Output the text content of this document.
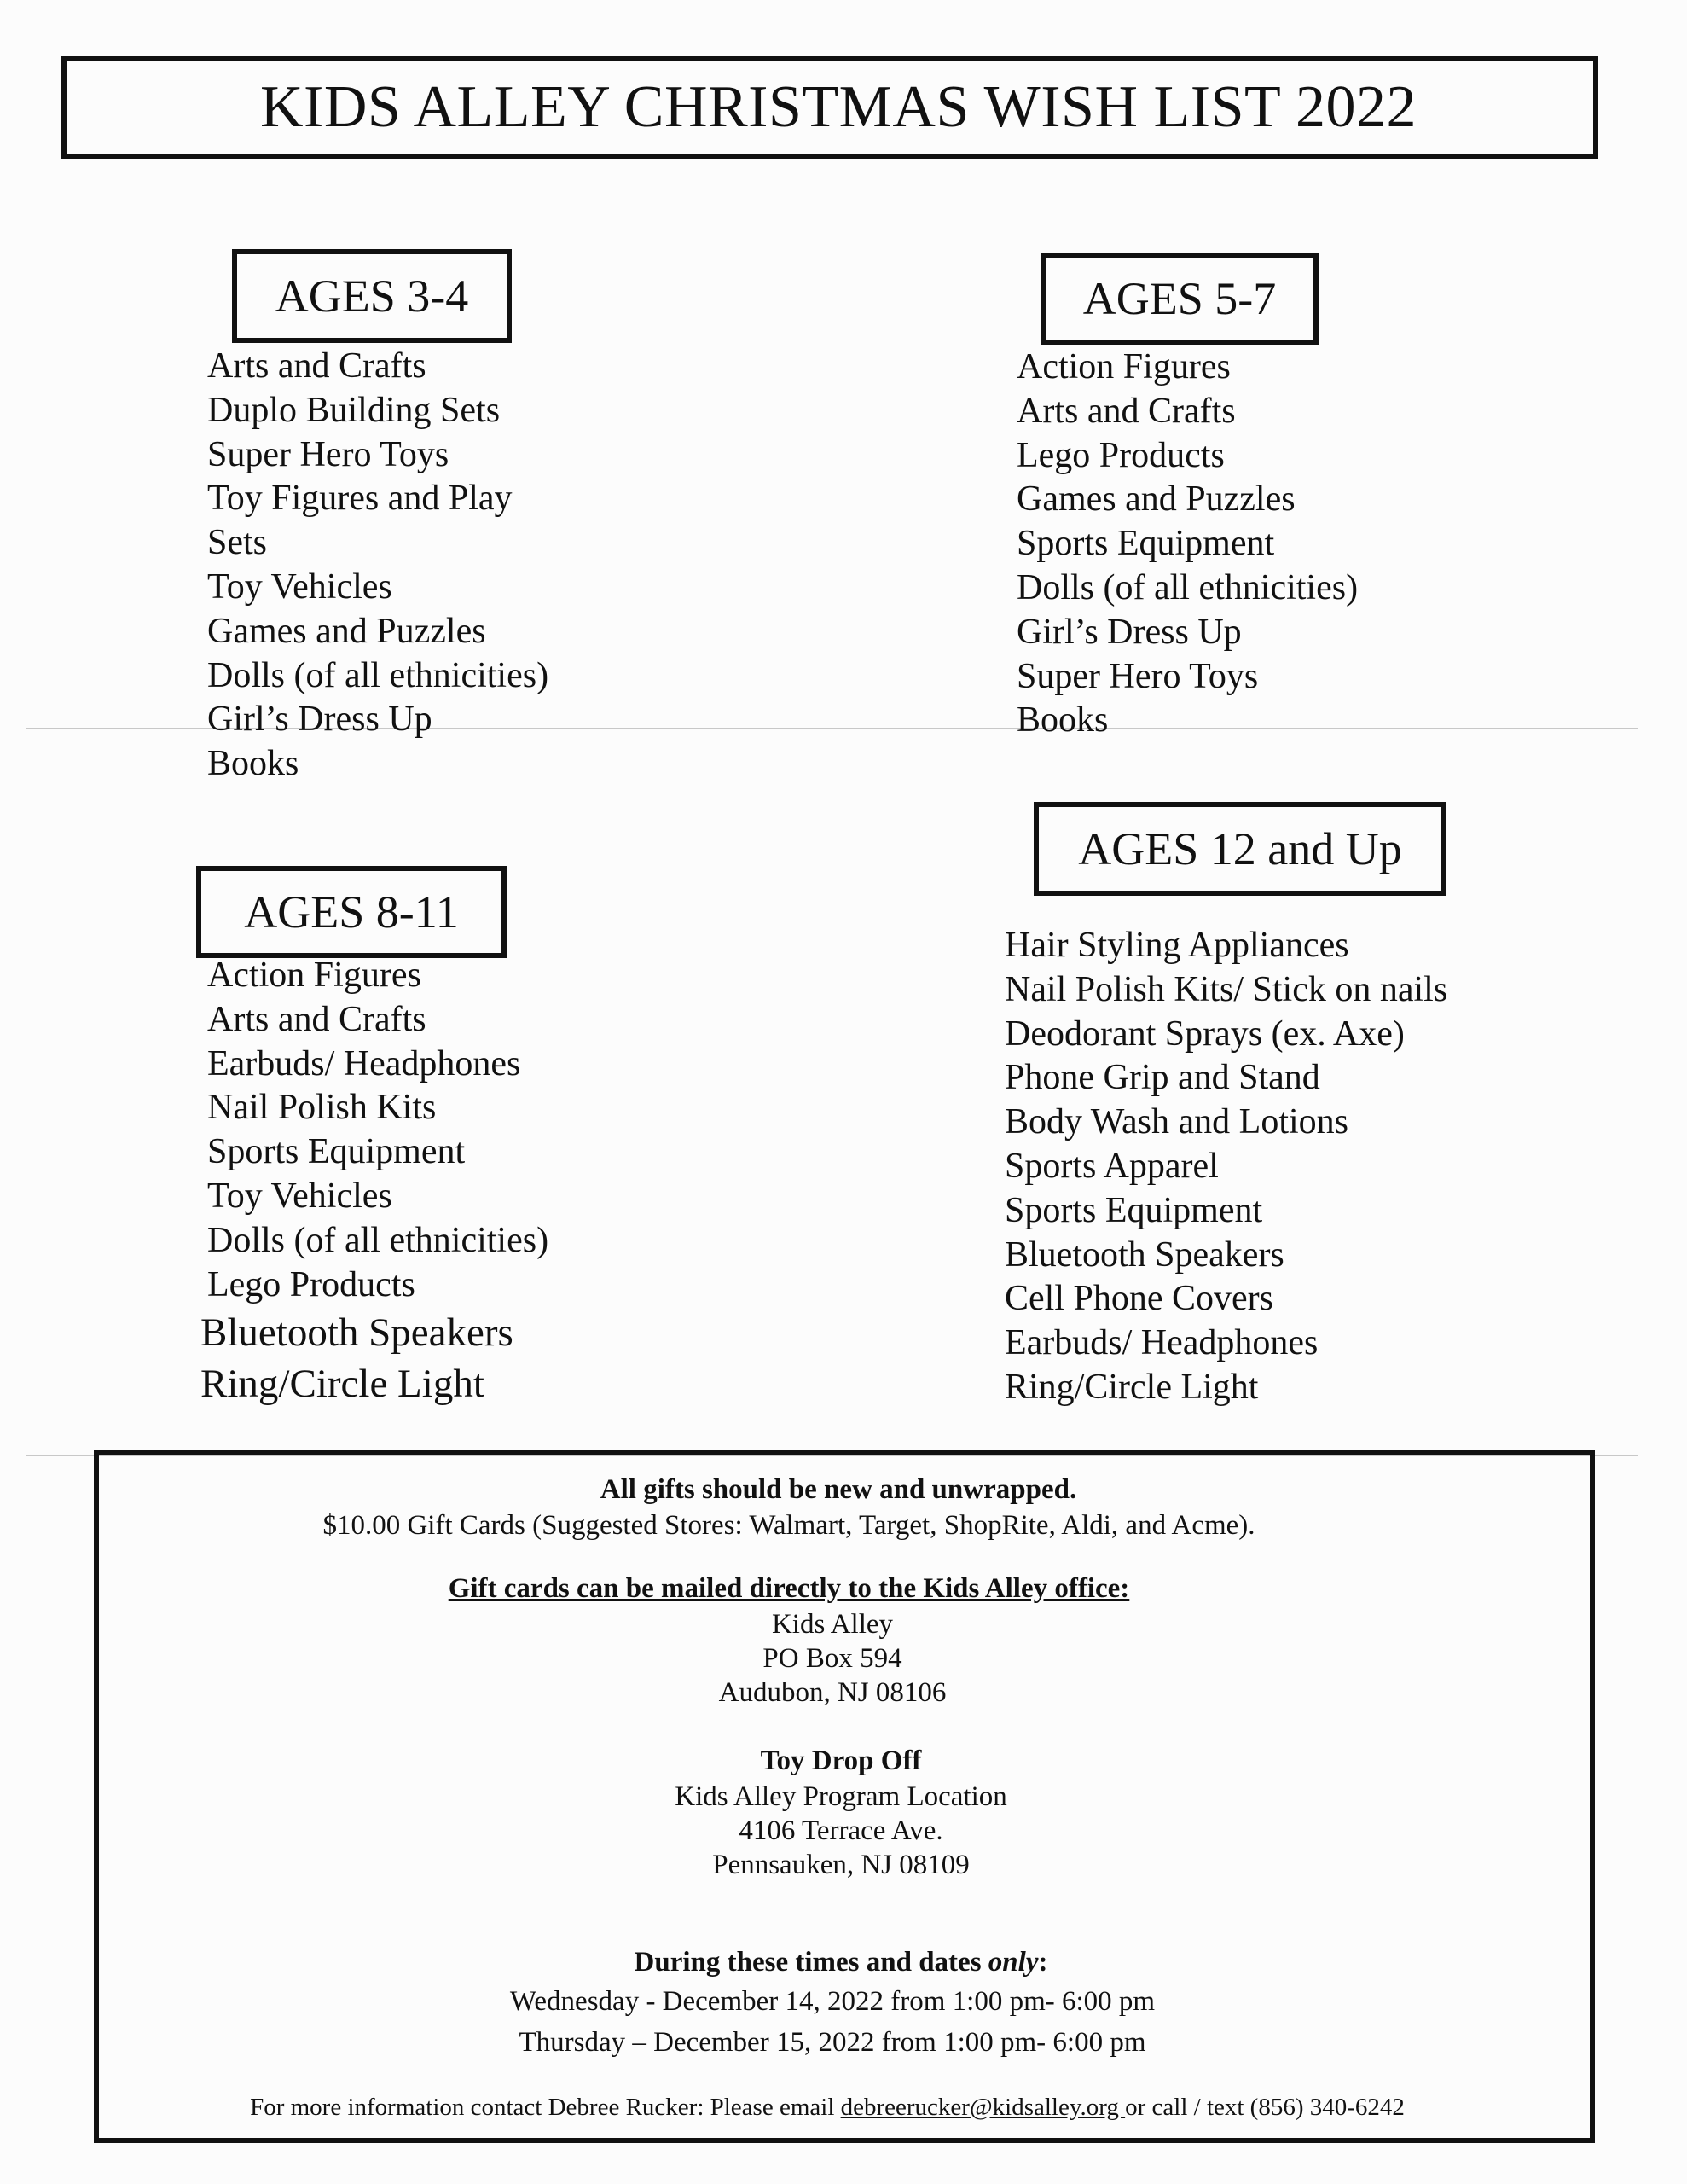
KIDS ALLEY CHRISTMAS WISH LIST 2022
AGES 3-4
Arts and Crafts
Duplo Building Sets
Super Hero Toys
Toy Figures and Play
Sets
Toy Vehicles
Games and Puzzles
Dolls (of all ethnicities)
Girl’s Dress Up
Books
AGES 5-7
Action Figures
Arts and Crafts
Lego Products
Games and Puzzles
Sports Equipment
Dolls (of all ethnicities)
Girl’s Dress Up
Super Hero Toys
Books
AGES 8-11
Action Figures
Arts and Crafts
Earbuds/ Headphones
Nail Polish Kits
Sports Equipment
Toy Vehicles
Dolls (of all ethnicities)
Lego Products
Bluetooth Speakers
Ring/Circle Light
AGES 12 and Up
Hair Styling Appliances
Nail Polish Kits/ Stick on nails
Deodorant Sprays (ex. Axe)
Phone Grip and Stand
Body Wash and Lotions
Sports Apparel
Sports Equipment
Bluetooth Speakers
Cell Phone Covers
Earbuds/ Headphones
Ring/Circle Light
All gifts should be new and unwrapped.
$10.00 Gift Cards (Suggested Stores: Walmart, Target, ShopRite, Aldi, and Acme).
Gift cards can be mailed directly to the Kids Alley office:
Kids Alley
PO Box 594
Audubon, NJ 08106
Toy Drop Off
Kids Alley Program Location
4106 Terrace Ave.
Pennsauken, NJ 08109
During these times and dates only:
Wednesday - December 14, 2022 from 1:00 pm- 6:00 pm
Thursday – December 15, 2022 from 1:00 pm- 6:00 pm
For more information contact Debree Rucker: Please email debreerucker@kidsalley.org or call / text (856) 340-6242
